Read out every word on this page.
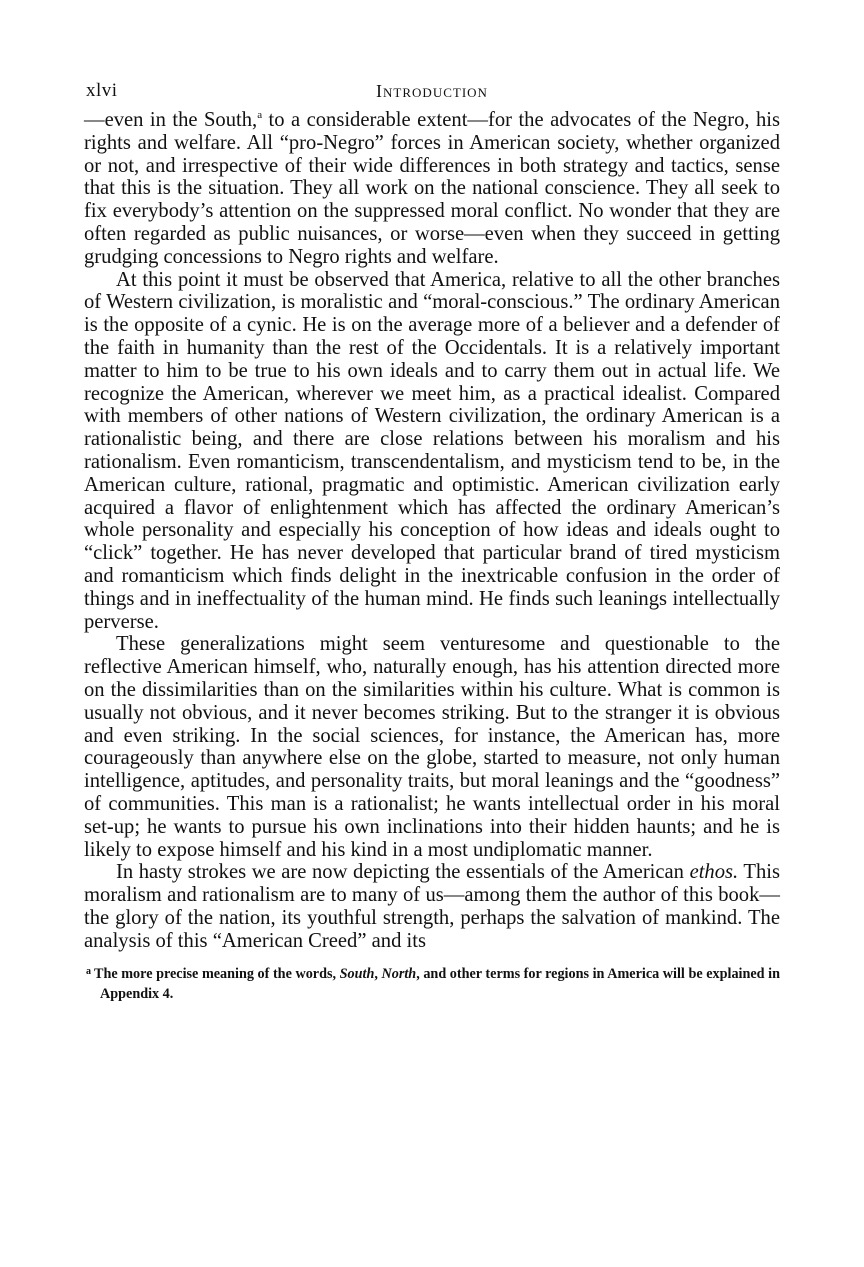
xlvi	Introduction

—even in the South,$^a$ to a considerable extent—for the advocates of the Negro, his rights and welfare. All “pro-Negro” forces in American society, whether organized or not, and irrespective of their wide differences in both strategy and tactics, sense that this is the situation. They all work on the national conscience. They all seek to fix everybody’s attention on the suppressed moral conflict. No wonder that they are often regarded as public nuisances, or worse—even when they succeed in getting grudging concessions to Negro rights and welfare.

At this point it must be observed that America, relative to all the other branches of Western civilization, is moralistic and “moral-conscious.” The ordinary American is the opposite of a cynic. He is on the average more of a believer and a defender of the faith in humanity than the rest of the Occidentals. It is a relatively important matter to him to be true to his own ideals and to carry them out in actual life. We recognize the American, wherever we meet him, as a practical idealist. Compared with members of other nations of Western civilization, the ordinary American is a rationalistic being, and there are close relations between his moralism and his rationalism. Even romanticism, transcendentalism, and mysticism tend to be, in the American culture, rational, pragmatic and optimistic. American civilization early acquired a flavor of enlightenment which has affected the ordinary American’s whole personality and especially his conception of how ideas and ideals ought to “click” together. He has never developed that particular brand of tired mysticism and romanticism which finds delight in the inextricable confusion in the order of things and in ineffectuality of the human mind. He finds such leanings intellectually perverse.

These generalizations might seem venturesome and questionable to the reflective American himself, who, naturally enough, has his attention directed more on the dissimilarities than on the similarities within his culture. What is common is usually not obvious, and it never becomes striking. But to the stranger it is obvious and even striking. In the social sciences, for instance, the American has, more courageously than anywhere else on the globe, started to measure, not only human intelligence, aptitudes, and personality traits, but moral leanings and the “goodness” of communities. This man is a rationalist; he wants intellectual order in his moral set-up; he wants to pursue his own inclinations into their hidden haunts; and he is likely to expose himself and his kind in a most undiplomatic manner.

In hasty strokes we are now depicting the essentials of the American ethos. This moralism and rationalism are to many of us—among them the author of this book—the glory of the nation, its youthful strength, perhaps the salvation of mankind. The analysis of this “American Creed” and its

$^a$ The more precise meaning of the words, South, North, and other terms for regions in America will be explained in Appendix 4.
